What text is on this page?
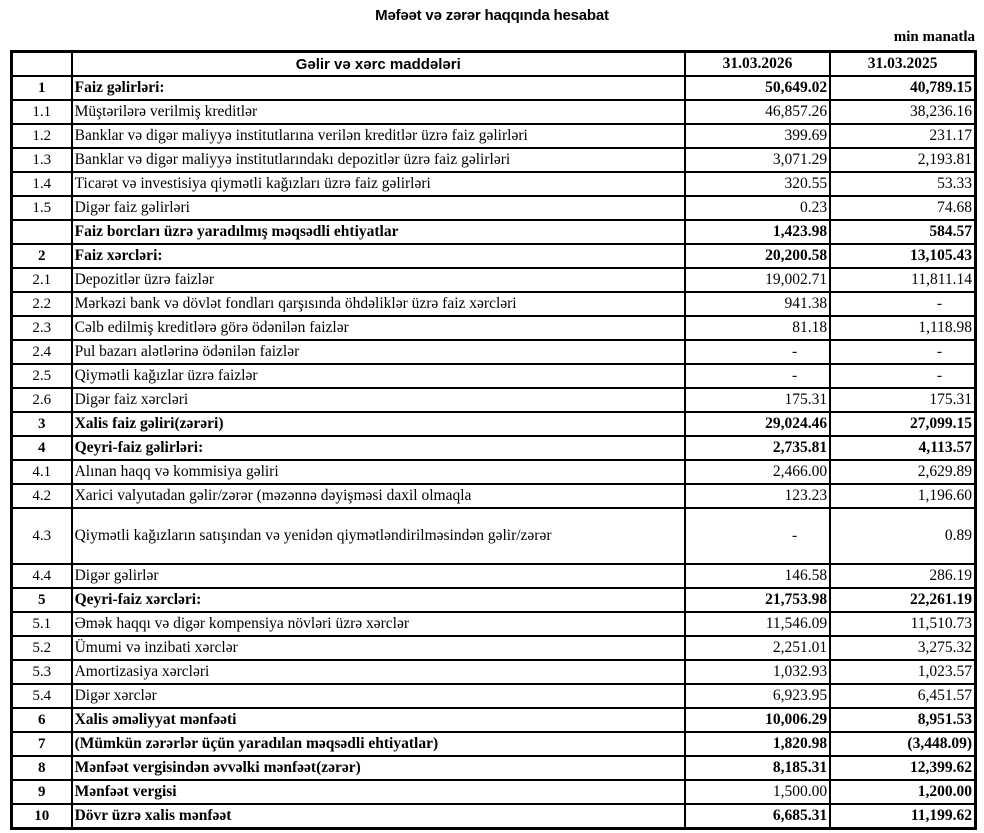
Məfəət və zərər haqqında hesabat
min manatla
	Gəlir və xərc maddələri	31.03.2026	31.03.2025
1	Faiz gəlirləri:	50,649.02	40,789.15
1.1	Müştərilərə verilmiş kreditlər	46,857.26	38,236.16
1.2	Banklar və digər maliyyə institutlarına verilən kreditlər üzrə faiz gəlirləri	399.69	231.17
1.3	Banklar və digər maliyyə institutlarındakı depozitlər üzrə faiz gəlirləri	3,071.29	2,193.81
1.4	Ticarət və investisiya qiymətli kağızları üzrə faiz gəlirləri	320.55	53.33
1.5	Digər faiz gəlirləri	0.23	74.68
	Faiz borcları üzrə yaradılmış məqsədli ehtiyatlar	1,423.98	584.57
2	Faiz xərcləri:	20,200.58	13,105.43
2.1	Depozitlər üzrə faizlər	19,002.71	11,811.14
2.2	Mərkəzi bank və dövlət fondları qarşısında öhdəliklər üzrə faiz xərcləri	941.38	-
2.3	Cəlb edilmiş kreditlərə görə ödənilən faizlər	81.18	1,118.98
2.4	Pul bazarı alətlərinə ödənilən faizlər	-	-
2.5	Qiymətli kağızlar üzrə faizlər	-	-
2.6	Digər faiz xərcləri	175.31	175.31
3	Xalis faiz gəliri(zərəri)	29,024.46	27,099.15
4	Qeyri-faiz gəlirləri:	2,735.81	4,113.57
4.1	Alınan haqq və kommisiya gəliri	2,466.00	2,629.89
4.2	Xarici valyutadan gəlir/zərər (məzənnə dəyişməsi daxil olmaqla	123.23	1,196.60
4.3	Qiymətli kağızların satışından və yenidən qiymətləndirilməsindən gəlir/zərər	-	0.89
4.4	Digər gəlirlər	146.58	286.19
5	Qeyri-faiz xərcləri:	21,753.98	22,261.19
5.1	Əmək haqqı və digər kompensiya növləri üzrə xərclər	11,546.09	11,510.73
5.2	Ümumi və inzibati xərclər	2,251.01	3,275.32
5.3	Amortizasiya xərcləri	1,032.93	1,023.57
5.4	Digər xərclər	6,923.95	6,451.57
6	Xalis əməliyyat mənfəəti	10,006.29	8,951.53
7	(Mümkün zərərlər üçün yaradılan məqsədli ehtiyatlar)	1,820.98	(3,448.09)
8	Mənfəət vergisindən əvvəlki mənfəət(zərər)	8,185.31	12,399.62
9	Mənfəət vergisi	1,500.00	1,200.00
10	Dövr üzrə xalis mənfəət	6,685.31	11,199.62
